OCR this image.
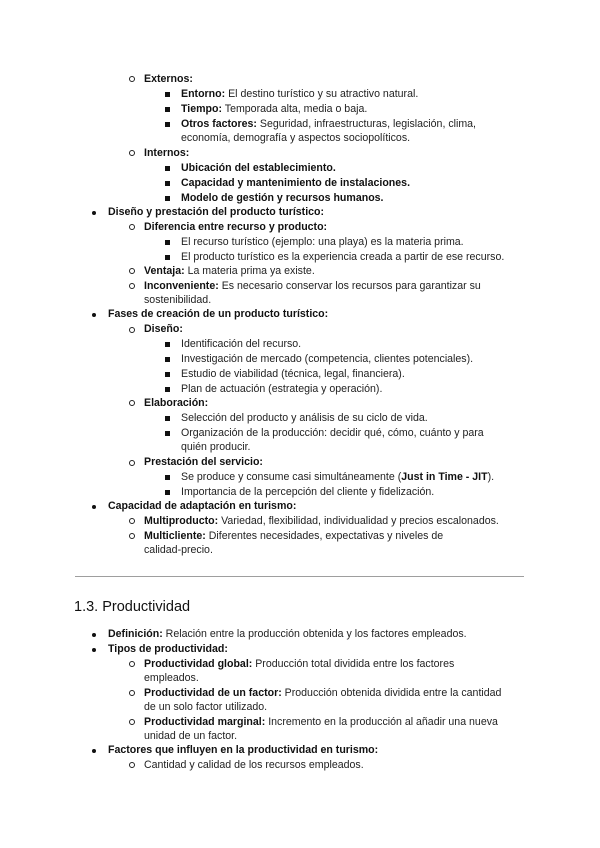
Externos:
Entorno: El destino turístico y su atractivo natural.
Tiempo: Temporada alta, media o baja.
Otros factores: Seguridad, infraestructuras, legislación, clima,
economía, demografía y aspectos sociopolíticos.
Internos:
Ubicación del establecimiento.
Capacidad y mantenimiento de instalaciones.
Modelo de gestión y recursos humanos.
Diseño y prestación del producto turístico:
Diferencia entre recurso y producto:
El recurso turístico (ejemplo: una playa) es la materia prima.
El producto turístico es la experiencia creada a partir de ese recurso.
Ventaja: La materia prima ya existe.
Inconveniente: Es necesario conservar los recursos para garantizar su
sostenibilidad.
Fases de creación de un producto turístico:
Diseño:
Identificación del recurso.
Investigación de mercado (competencia, clientes potenciales).
Estudio de viabilidad (técnica, legal, financiera).
Plan de actuación (estrategia y operación).
Elaboración:
Selección del producto y análisis de su ciclo de vida.
Organización de la producción: decidir qué, cómo, cuánto y para
quién producir.
Prestación del servicio:
Se produce y consume casi simultáneamente (Just in Time - JIT).
Importancia de la percepción del cliente y fidelización.
Capacidad de adaptación en turismo:
Multiproducto: Variedad, flexibilidad, individualidad y precios escalonados.
Multicliente: Diferentes necesidades, expectativas y niveles de
calidad-precio.
1.3. Productividad
Definición: Relación entre la producción obtenida y los factores empleados.
Tipos de productividad:
Productividad global: Producción total dividida entre los factores
empleados.
Productividad de un factor: Producción obtenida dividida entre la cantidad
de un solo factor utilizado.
Productividad marginal: Incremento en la producción al añadir una nueva
unidad de un factor.
Factores que influyen en la productividad en turismo:
Cantidad y calidad de los recursos empleados.
